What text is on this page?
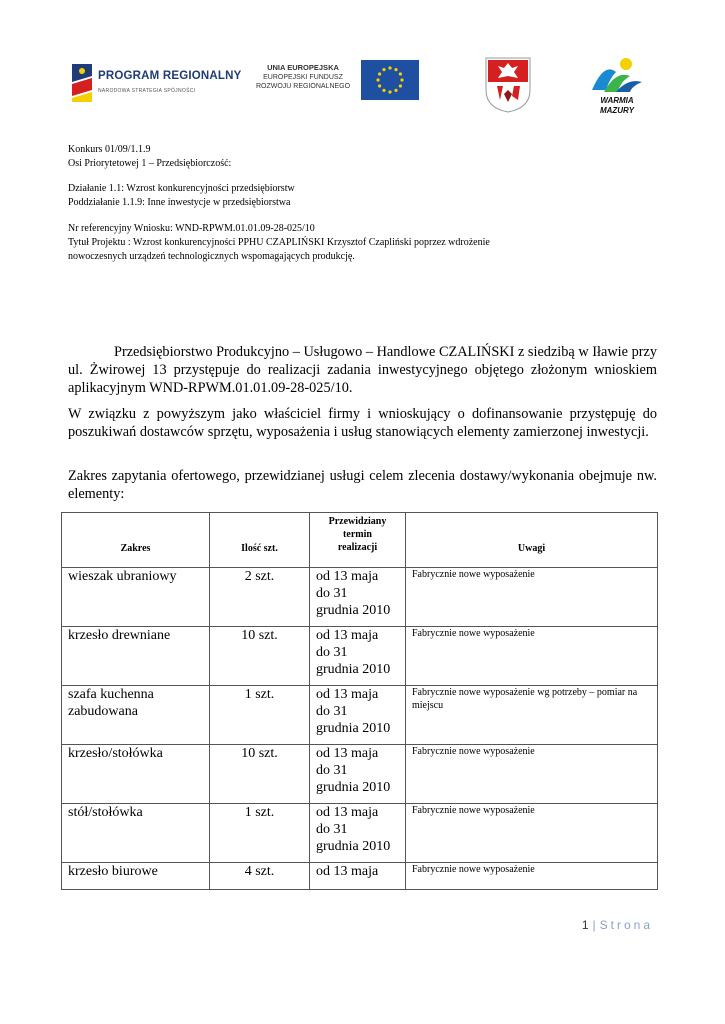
PROGRAM REGIONALNY
NARODOWA STRATEGIA SPÓJNOŚCI
UNIA EUROPEJSKA
EUROPEJSKI FUNDUSZ
ROZWOJU REGIONALNEGO
WARMIA
MAZURY
Konkurs 01/09/1.1.9
Osi Priorytetowej 1 – Przedsiębiorczość:
Działanie 1.1: Wzrost konkurencyjności przedsiębiorstw
Poddziałanie 1.1.9: Inne inwestycje w przedsiębiorstwa
Nr referencyjny Wniosku: WND-RPWM.01.01.09-28-025/10
Tytuł Projektu : Wzrost konkurencyjności PPHU CZAPLIŃSKI Krzysztof Czapliński poprzez wdrożenie
nowoczesnych urządzeń technologicznych wspomagających produkcję.
Przedsiębiorstwo Produkcyjno – Usługowo – Handlowe CZALIŃSKI z siedzibą w Iławie przy ul. Żwirowej 13 przystępuje do realizacji zadania inwestycyjnego objętego złożonym wnioskiem aplikacyjnym WND-RPWM.01.01.09-28-025/10.
W związku z powyższym jako właściciel firmy i wnioskujący o dofinansowanie przystępuję do poszukiwań dostawców sprzętu, wyposażenia i usług stanowiących elementy zamierzonej inwestycji.
Zakres zapytania ofertowego, przewidzianej usługi celem zlecenia dostawy/wykonania obejmuje nw. elementy:
Zakres	Ilość szt.	Przewidziany
termin
realizacji	Uwagi
wieszak ubraniowy	2 szt.	od 13 maja
do 31
grudnia 2010	Fabrycznie nowe wyposażenie
krzesło drewniane	10 szt.	od 13 maja
do 31
grudnia 2010	Fabrycznie nowe wyposażenie
szafa kuchenna zabudowana	1 szt.	od 13 maja
do 31
grudnia 2010	Fabrycznie nowe wyposażenie wg potrzeby – pomiar na miejscu
krzesło/stołówka	10 szt.	od 13 maja
do 31
grudnia 2010	Fabrycznie nowe wyposażenie
stół/stołówka	1 szt.	od 13 maja
do 31
grudnia 2010	Fabrycznie nowe wyposażenie
krzesło biurowe	4 szt.	od 13 maja	Fabrycznie nowe wyposażenie
1 | Strona
